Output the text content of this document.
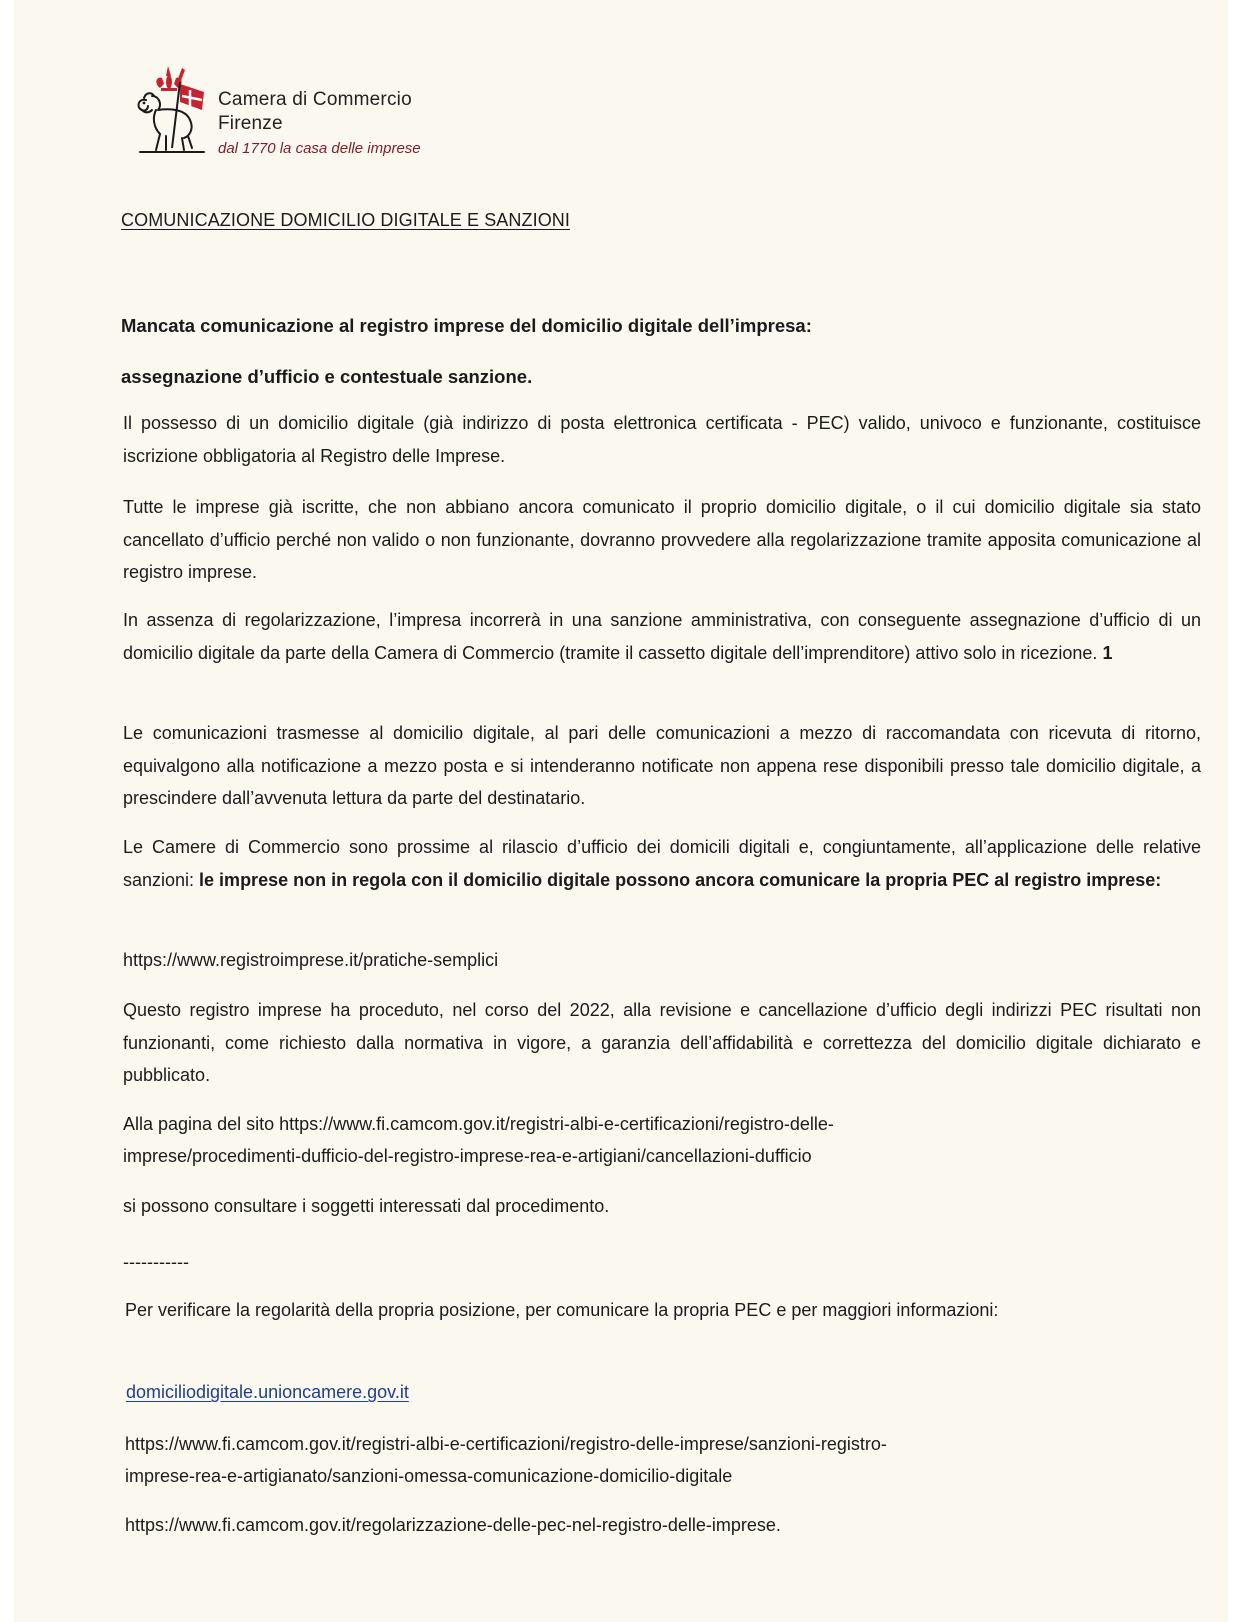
Camera di Commercio
Firenze
dal 1770 la casa delle imprese
COMUNICAZIONE DOMICILIO DIGITALE E SANZIONI
Mancata comunicazione al registro imprese del domicilio digitale dell’impresa:
assegnazione d’ufficio e contestuale sanzione.
Il possesso di un domicilio digitale (già indirizzo di posta elettronica certificata - PEC) valido, univoco e funzionante, costituisce iscrizione obbligatoria al Registro delle Imprese.
Tutte le imprese già iscritte, che non abbiano ancora comunicato il proprio domicilio digitale, o il cui domicilio digitale sia stato cancellato d’ufficio perché non valido o non funzionante, dovranno provvedere alla regolarizzazione tramite apposita comunicazione al registro imprese.
In assenza di regolarizzazione, l’impresa incorrerà in una sanzione amministrativa, con conseguente assegnazione d’ufficio di un domicilio digitale da parte della Camera di Commercio (tramite il cassetto digitale dell’imprenditore) attivo solo in ricezione. 1
Le comunicazioni trasmesse al domicilio digitale, al pari delle comunicazioni a mezzo di raccomandata con ricevuta di ritorno, equivalgono alla notificazione a mezzo posta e si intenderanno notificate non appena rese disponibili presso tale domicilio digitale, a prescindere dall’avvenuta lettura da parte del destinatario.
Le Camere di Commercio sono prossime al rilascio d’ufficio dei domicili digitali e, congiuntamente, all’applicazione delle relative sanzioni: le imprese non in regola con il domicilio digitale possono ancora comunicare la propria PEC al registro imprese:
https://www.registroimprese.it/pratiche-semplici
Questo registro imprese ha proceduto, nel corso del 2022, alla revisione e cancellazione d’ufficio degli indirizzi PEC risultati non funzionanti, come richiesto dalla normativa in vigore, a garanzia dell’affidabilità e correttezza del domicilio digitale dichiarato e pubblicato.
Alla pagina del sito https://www.fi.camcom.gov.it/registri-albi-e-certificazioni/registro-delle-
imprese/procedimenti-dufficio-del-registro-imprese-rea-e-artigiani/cancellazioni-dufficio
si possono consultare i soggetti interessati dal procedimento.
-----------
Per verificare la regolarità della propria posizione, per comunicare la propria PEC e per maggiori informazioni:
domiciliodigitale.unioncamere.gov.it
https://www.fi.camcom.gov.it/registri-albi-e-certificazioni/registro-delle-imprese/sanzioni-registro-
imprese-rea-e-artigianato/sanzioni-omessa-comunicazione-domicilio-digitale
https://www.fi.camcom.gov.it/regolarizzazione-delle-pec-nel-registro-delle-imprese.
